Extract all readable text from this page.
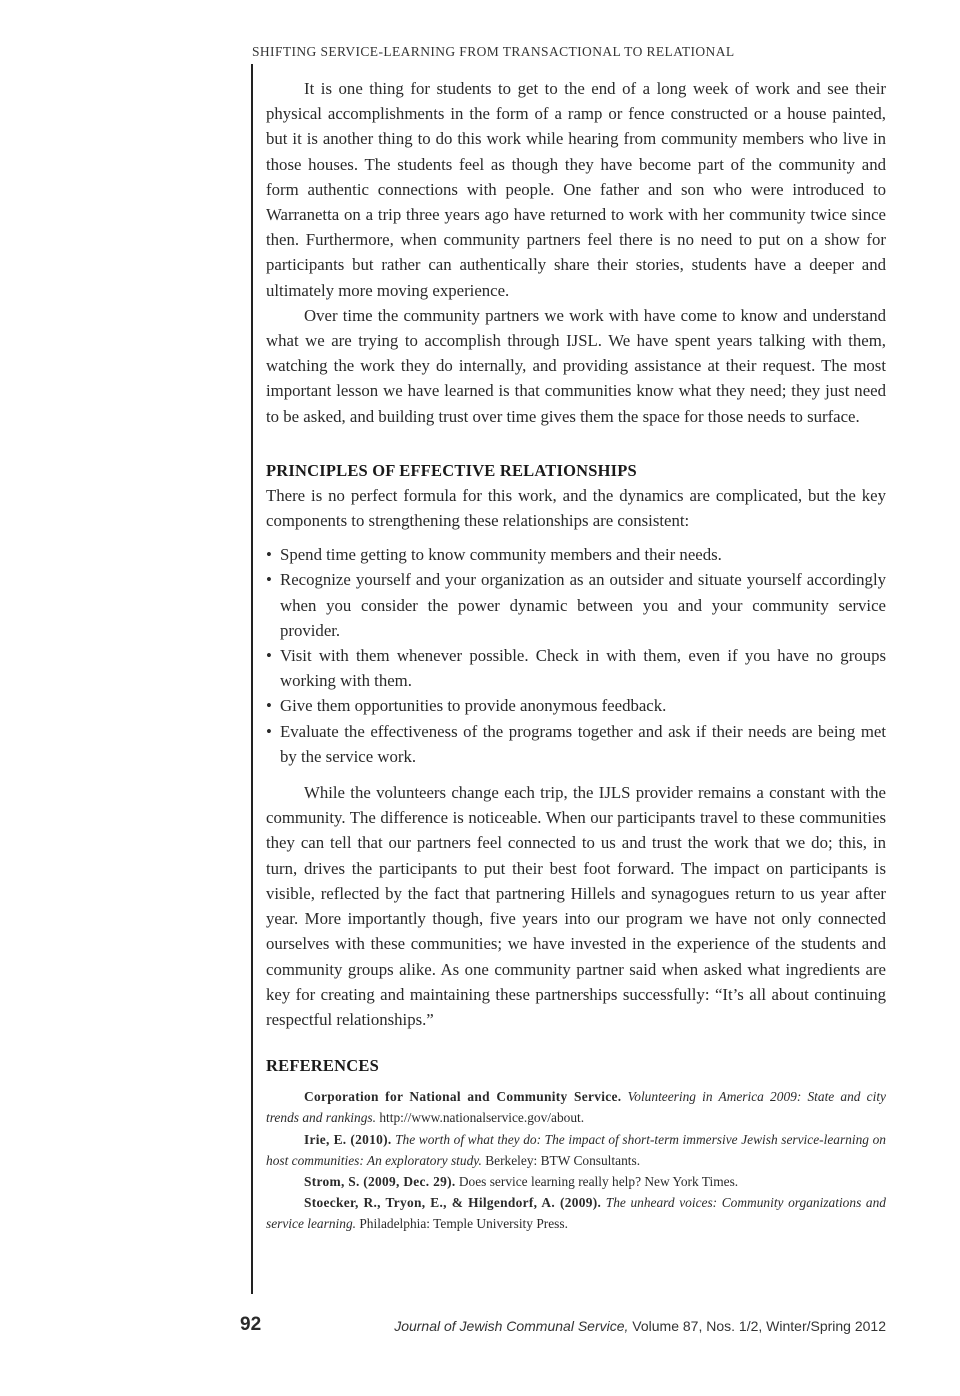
SHIFTING SERVICE-LEARNING FROM TRANSACTIONAL TO RELATIONAL

It is one thing for students to get to the end of a long week of work and see their physical accomplishments in the form of a ramp or fence constructed or a house painted, but it is another thing to do this work while hearing from community members who live in those houses. The students feel as though they have become part of the community and form authentic connections with people. One father and son who were introduced to Warranetta on a trip three years ago have returned to work with her community twice since then. Furthermore, when community partners feel there is no need to put on a show for participants but rather can authentically share their stories, students have a deeper and ultimately more moving experience.

Over time the community partners we work with have come to know and understand what we are trying to accomplish through IJSL. We have spent years talking with them, watching the work they do internally, and providing assistance at their request. The most important lesson we have learned is that communities know what they need; they just need to be asked, and building trust over time gives them the space for those needs to surface.

PRINCIPLES OF EFFECTIVE RELATIONSHIPS

There is no perfect formula for this work, and the dynamics are complicated, but the key components to strengthening these relationships are consistent:

• Spend time getting to know community members and their needs.
• Recognize yourself and your organization as an outsider and situate yourself accordingly when you consider the power dynamic between you and your community service provider.
• Visit with them whenever possible. Check in with them, even if you have no groups working with them.
• Give them opportunities to provide anonymous feedback.
• Evaluate the effectiveness of the programs together and ask if their needs are being met by the service work.

While the volunteers change each trip, the IJLS provider remains a constant with the community. The difference is noticeable. When our participants travel to these communities they can tell that our partners feel connected to us and trust the work that we do; this, in turn, drives the participants to put their best foot forward. The impact on participants is visible, reflected by the fact that partnering Hillels and synagogues return to us year after year. More importantly though, five years into our program we have not only connected ourselves with these communities; we have invested in the experience of the students and community groups alike. As one community partner said when asked what ingredients are key for creating and maintaining these partnerships successfully: “It’s all about continuing respectful relationships.”

REFERENCES

Corporation for National and Community Service. Volunteering in America 2009: State and city trends and rankings. http://www.nationalservice.gov/about.

Irie, E. (2010). The worth of what they do: The impact of short-term immersive Jewish service-learning on host communities: An exploratory study. Berkeley: BTW Consultants.

Strom, S. (2009, Dec. 29). Does service learning really help? New York Times.

Stoecker, R., Tryon, E., & Hilgendorf, A. (2009). The unheard voices: Community organizations and service learning. Philadelphia: Temple University Press.

92	Journal of Jewish Communal Service, Volume 87, Nos. 1/2, Winter/Spring 2012
